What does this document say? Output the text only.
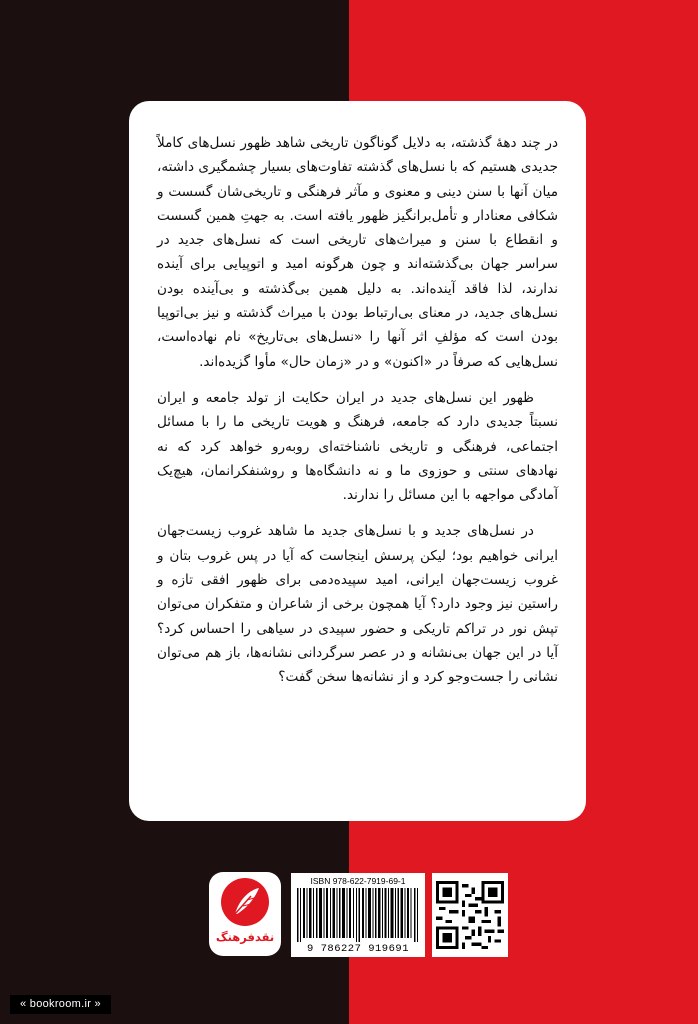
در چند دههٔ گذشته، به دلایل گوناگون تاریخی شاهد ظهور نسل‌های کاملاً جدیدی هستیم که با نسل‌های گذشته تفاوت‌های بسیار چشمگیری داشته، میان آنها با سنن دینی و معنوی و مآثر فرهنگی و تاریخی‌شان گسست و شکافی معنادار و تأمل‌برانگیز ظهور یافته است. به جهتِ همین گسست و انقطاع با سنن و میراث‌های تاریخی است که نسل‌های جدید در سراسر جهان بی‌گذشته‌اند و چون هرگونه امید و اتوپیایی برای آینده ندارند، لذا فاقد آینده‌اند. به دلیل همین بی‌گذشته و بی‌آینده بودن نسل‌های جدید، در معنای بی‌ارتباط بودن با میراث گذشته و نیز بی‌اتوپیا بودن است که مؤلفِ اثر آنها را «نسل‌های بی‌تاریخ» نام نهاده‌است، نسل‌هایی که صرفاً در «اکنون» و در «زمان حال» مأوا گزیده‌اند.

ظهور این نسل‌های جدید در ایران حکایت از تولد جامعه و ایران نسبتاً جدیدی دارد که جامعه، فرهنگ و هویت تاریخی ما را با مسائل اجتماعی، فرهنگی و تاریخی ناشناخته‌ای روبه‌رو خواهد کرد که نه نهادهای سنتی و حوزوی ما و نه دانشگاه‌ها و روشنفکرانمان، هیچ‌یک آمادگی مواجهه با این مسائل را ندارند.

در نسل‌های جدید و با نسل‌های جدید ما شاهد غروب زیست‌جهان ایرانی خواهیم بود؛ لیکن پرسش اینجاست که آیا در پس غروب بتان و غروب زیست‌جهان ایرانی، امید سپیده‌دمی برای ظهور افقی تازه و راستین نیز وجود دارد؟ آیا همچون برخی از شاعران و متفکران می‌توان تپش نور در تراکم تاریکی و حضور سپیدی در سیاهی را احساس کرد؟ آیا در این جهان بی‌نشانه و در عصر سرگردانی نشانه‌ها، باز هم می‌توان نشانی را جست‌وجو کرد و از نشانه‌ها سخن گفت؟

نقدفرهنگ
ISBN 978-622-7919-69-1
9 786227 919691
« bookroom.ir »
